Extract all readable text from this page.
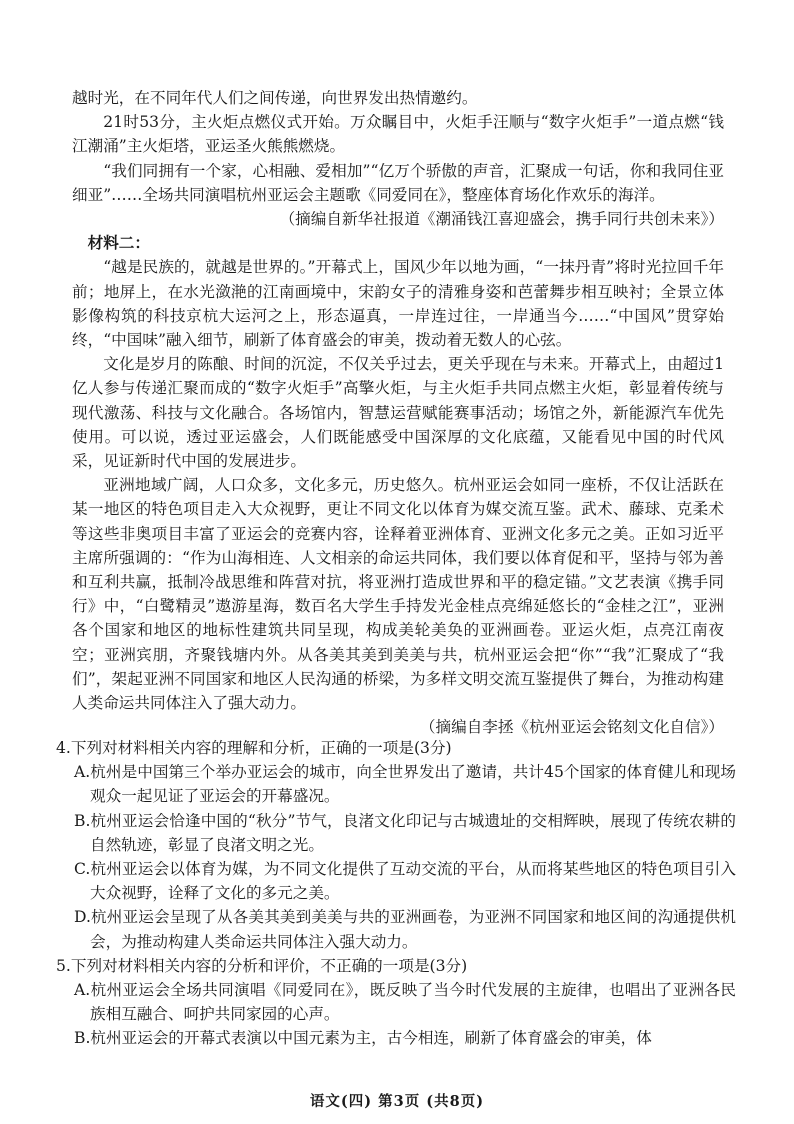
越时光，在不同年代人们之间传递，向世界发出热情邀约。

21时53分，主火炬点燃仪式开始。万众瞩目中，火炬手汪顺与“数字火炬手”一道点燃“钱江潮涌”主火炬塔，亚运圣火熊熊燃烧。

“我们同拥有一个家，心相融、爱相加”“亿万个骄傲的声音，汇聚成一句话，你和我同住亚细亚”……全场共同演唱杭州亚运会主题歌《同爱同在》，整座体育场化作欢乐的海洋。

（摘编自新华社报道《潮涌钱江喜迎盛会，携手同行共创未来》）

材料二：

“越是民族的，就越是世界的。”开幕式上，国风少年以地为画，“一抹丹青”将时光拉回千年前；地屏上，在水光潋滟的江南画境中，宋韵女子的清雅身姿和芭蕾舞步相互映衬；全景立体影像构筑的科技京杭大运河之上，形态逼真，一岸连过往，一岸通当今……“中国风”贯穿始终，“中国味”融入细节，刷新了体育盛会的审美，拨动着无数人的心弦。

文化是岁月的陈酿、时间的沉淀，不仅关乎过去，更关乎现在与未来。开幕式上，由超过1亿人参与传递汇聚而成的“数字火炬手”高擎火炬，与主火炬手共同点燃主火炬，彰显着传统与现代激荡、科技与文化融合。各场馆内，智慧运营赋能赛事活动；场馆之外，新能源汽车优先使用。可以说，透过亚运盛会，人们既能感受中国深厚的文化底蕴，又能看见中国的时代风采，见证新时代中国的发展进步。

亚洲地域广阔，人口众多，文化多元，历史悠久。杭州亚运会如同一座桥，不仅让活跃在某一地区的特色项目走入大众视野，更让不同文化以体育为媒交流互鉴。武术、藤球、克柔术等这些非奥项目丰富了亚运会的竞赛内容，诠释着亚洲体育、亚洲文化多元之美。正如习近平主席所强调的：“作为山海相连、人文相亲的命运共同体，我们要以体育促和平，坚持与邻为善和互利共赢，抵制冷战思维和阵营对抗，将亚洲打造成世界和平的稳定锚。”文艺表演《携手同行》中，“白鹭精灵”遨游星海，数百名大学生手持发光金桂点亮绵延悠长的“金桂之江”，亚洲各个国家和地区的地标性建筑共同呈现，构成美轮美奂的亚洲画卷。亚运火炬，点亮江南夜空；亚洲宾朋，齐聚钱塘内外。从各美其美到美美与共，杭州亚运会把“你”“我”汇聚成了“我们”，架起亚洲不同国家和地区人民沟通的桥梁，为多样文明交流互鉴提供了舞台，为推动构建人类命运共同体注入了强大动力。

（摘编自李拯《杭州亚运会铭刻文化自信》）

4.下列对材料相关内容的理解和分析，正确的一项是(3分)

A.杭州是中国第三个举办亚运会的城市，向全世界发出了邀请，共计45个国家的体育健儿和现场观众一起见证了亚运会的开幕盛况。

B.杭州亚运会恰逢中国的“秋分”节气，良渚文化印记与古城遗址的交相辉映，展现了传统农耕的自然轨迹，彰显了良渚文明之光。

C.杭州亚运会以体育为媒，为不同文化提供了互动交流的平台，从而将某些地区的特色项目引入大众视野，诠释了文化的多元之美。

D.杭州亚运会呈现了从各美其美到美美与共的亚洲画卷，为亚洲不同国家和地区间的沟通提供机会，为推动构建人类命运共同体注入强大动力。

5.下列对材料相关内容的分析和评价，不正确的一项是(3分)

A.杭州亚运会全场共同演唱《同爱同在》，既反映了当今时代发展的主旋律，也唱出了亚洲各民族相互融合、呵护共同家园的心声。

B.杭州亚运会的开幕式表演以中国元素为主，古今相连，刷新了体育盛会的审美，体

语文(四) 第3页 (共8页)
